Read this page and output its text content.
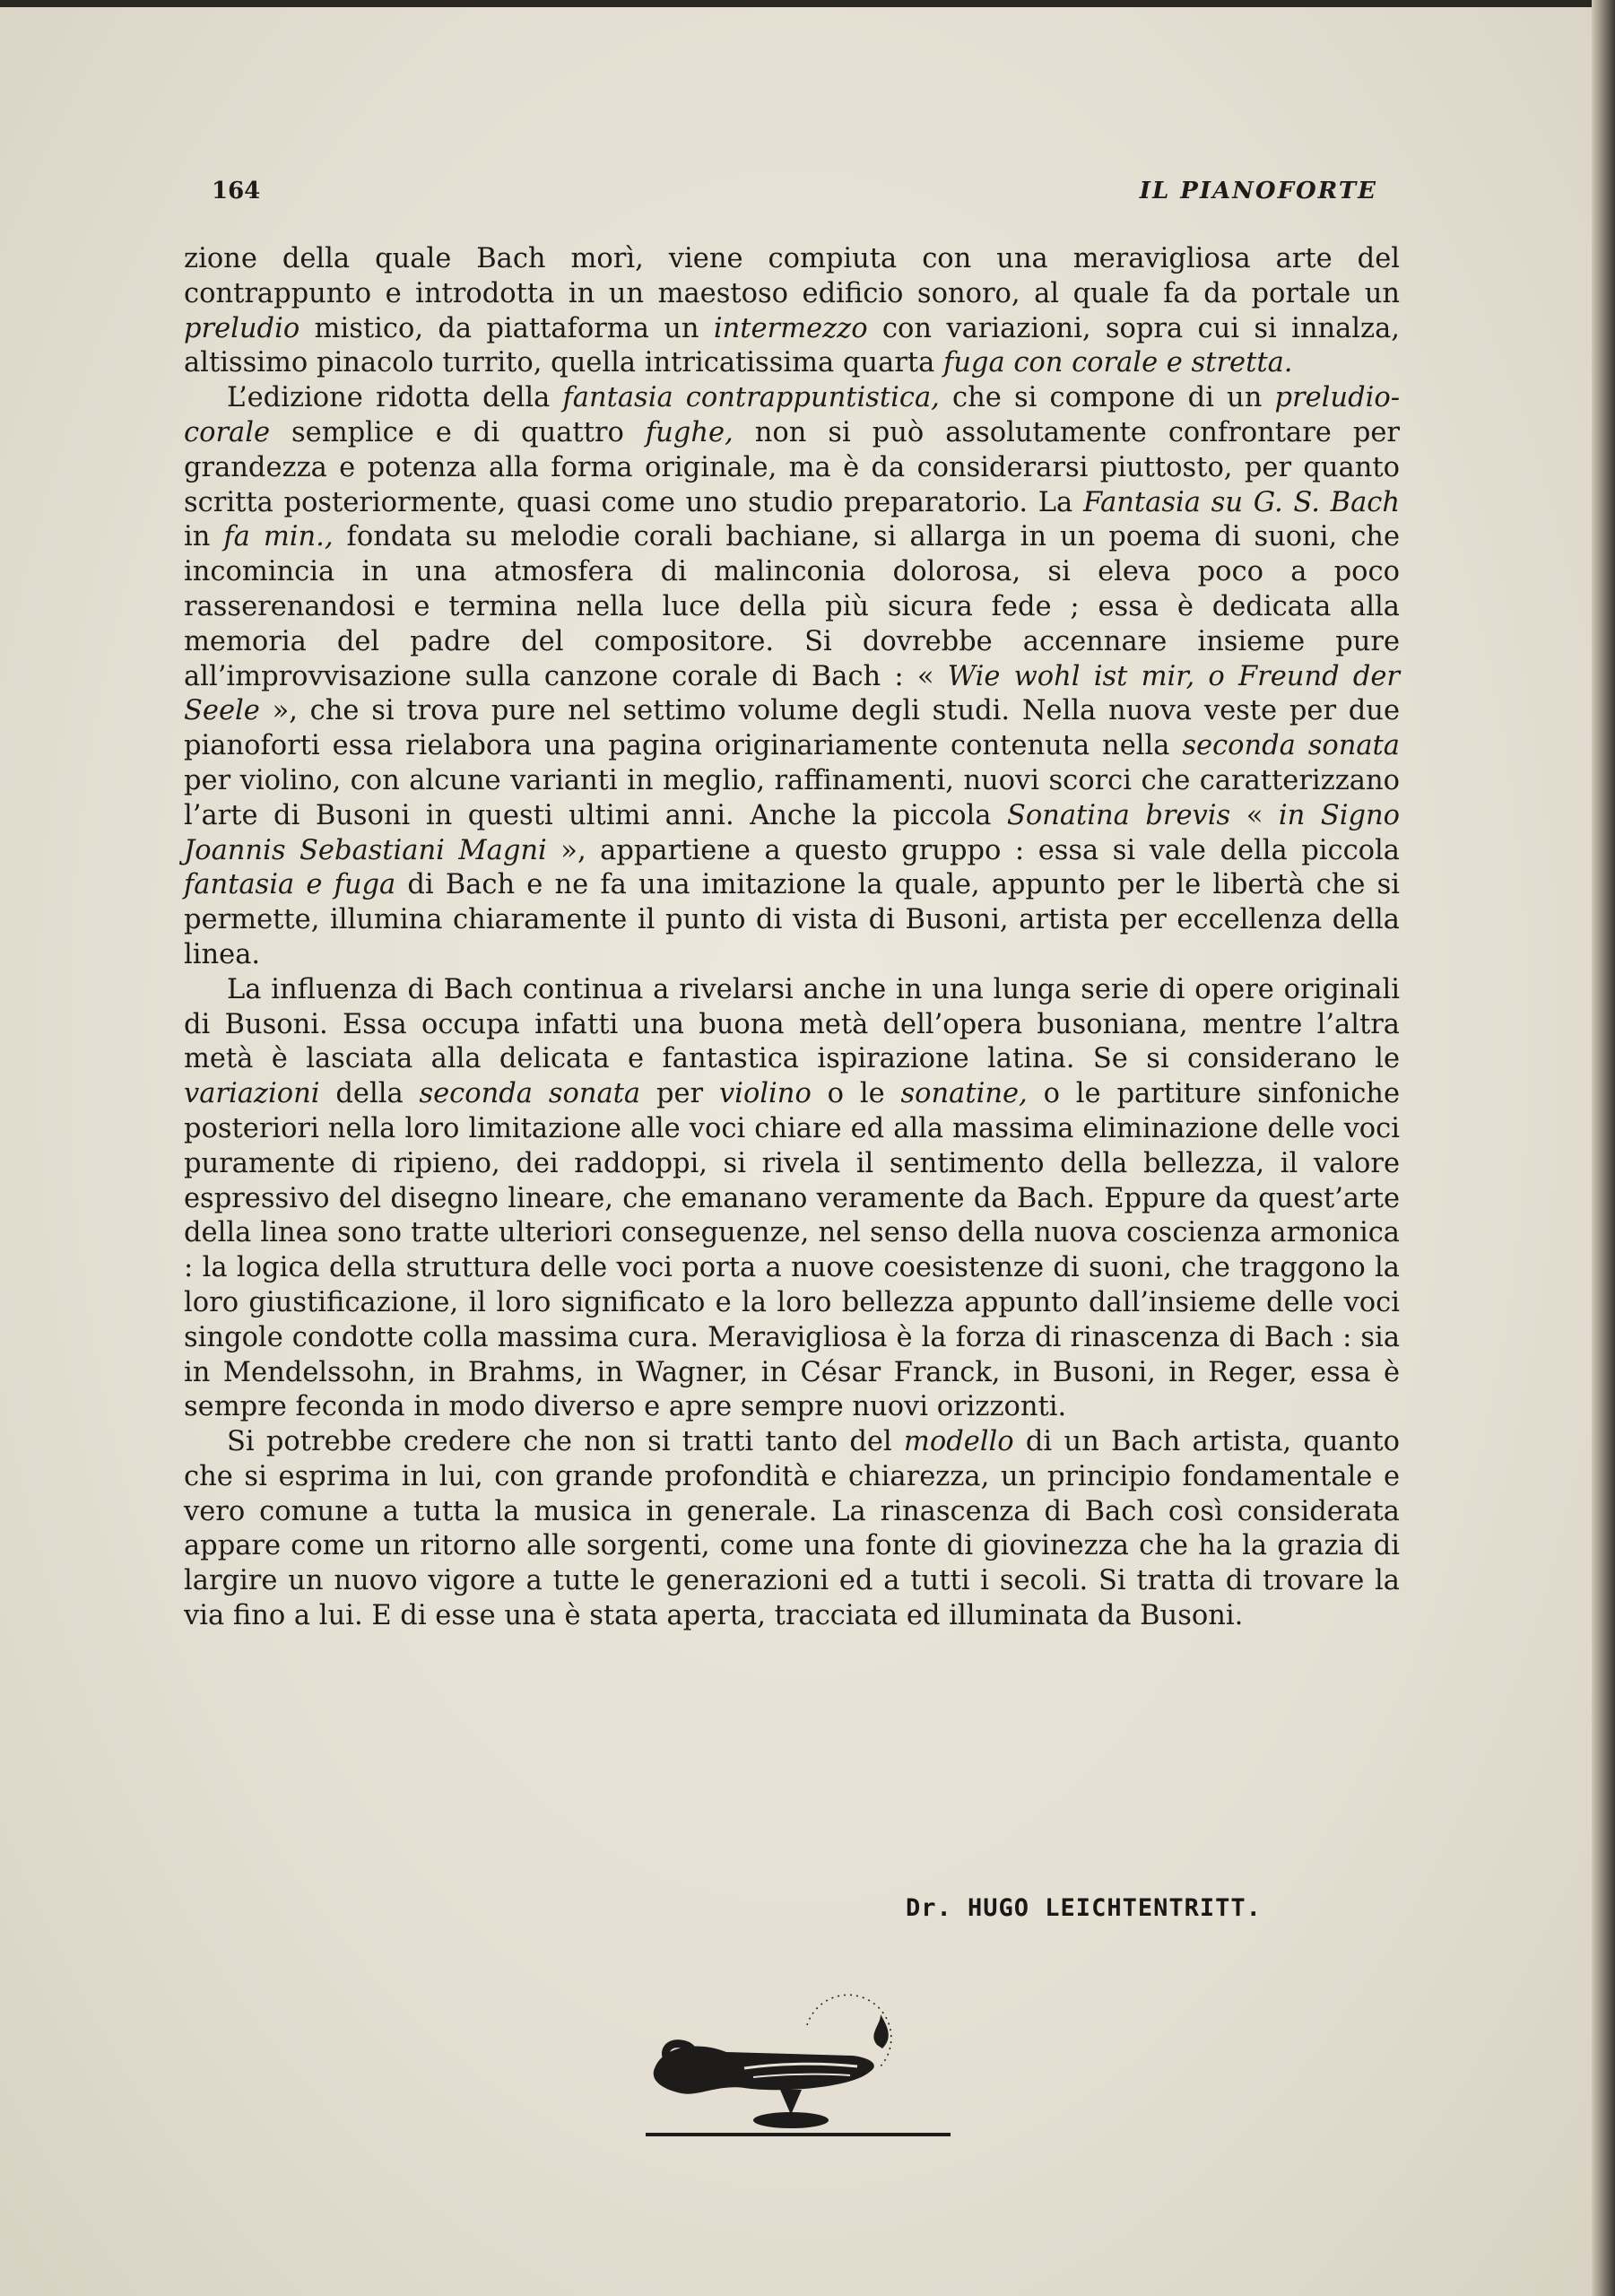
164	IL PIANOFORTE

zione della quale Bach morì, viene compiuta con una meravigliosa arte del contrappunto e introdotta in un maestoso edificio sonoro, al quale fa da portale un preludio mistico, da piattaforma un intermezzo con variazioni, sopra cui si innalza, altissimo pinacolo turrito, quella intricatissima quarta fuga con corale e stretta.

L’edizione ridotta della fantasia contrappuntistica, che si compone di un preludio-corale semplice e di quattro fughe, non si può assolutamente confrontare per grandezza e potenza alla forma originale, ma è da considerarsi piuttosto, per quanto scritta posteriormente, quasi come uno studio preparatorio. La Fantasia su G. S. Bach in fa min., fondata su melodie corali bachiane, si allarga in un poema di suoni, che incomincia in una atmosfera di malinconia dolorosa, si eleva poco a poco rasserenandosi e termina nella luce della più sicura fede ; essa è dedicata alla memoria del padre del compositore. Si dovrebbe accennare insieme pure all’improvvisazione sulla canzone corale di Bach : « Wie wohl ist mir, o Freund der Seele », che si trova pure nel settimo volume degli studi. Nella nuova veste per due pianoforti essa rielabora una pagina originariamente contenuta nella seconda sonata per violino, con alcune varianti in meglio, raffinamenti, nuovi scorci che caratterizzano l’arte di Busoni in questi ultimi anni. Anche la piccola Sonatina brevis « in Signo Joannis Sebastiani Magni », appartiene a questo gruppo : essa si vale della piccola fantasia e fuga di Bach e ne fa una imitazione la quale, appunto per le libertà che si permette, illumina chiaramente il punto di vista di Busoni, artista per eccellenza della linea.

La influenza di Bach continua a rivelarsi anche in una lunga serie di opere originali di Busoni. Essa occupa infatti una buona metà dell’opera busoniana, mentre l’altra metà è lasciata alla delicata e fantastica ispirazione latina. Se si considerano le variazioni della seconda sonata per violino o le sonatine, o le partiture sinfoniche posteriori nella loro limitazione alle voci chiare ed alla massima eliminazione delle voci puramente di ripieno, dei raddoppi, si rivela il sentimento della bellezza, il valore espressivo del disegno lineare, che emanano veramente da Bach. Eppure da quest’arte della linea sono tratte ulteriori conseguenze, nel senso della nuova coscienza armonica : la logica della struttura delle voci porta a nuove coesistenze di suoni, che traggono la loro giustificazione, il loro significato e la loro bellezza appunto dall’insieme delle voci singole condotte colla massima cura. Meravigliosa è la forza di rinascenza di Bach : sia in Mendelssohn, in Brahms, in Wagner, in César Franck, in Busoni, in Reger, essa è sempre feconda in modo diverso e apre sempre nuovi orizzonti.

Si potrebbe credere che non si tratti tanto del modello di un Bach artista, quanto che si esprima in lui, con grande profondità e chiarezza, un principio fondamentale e vero comune a tutta la musica in generale. La rinascenza di Bach così considerata appare come un ritorno alle sorgenti, come una fonte di giovinezza che ha la grazia di largire un nuovo vigore a tutte le generazioni ed a tutti i secoli. Si tratta di trovare la via fino a lui. E di esse una è stata aperta, tracciata ed illuminata da Busoni.

Dr. HUGO LEICHTENTRITT.
